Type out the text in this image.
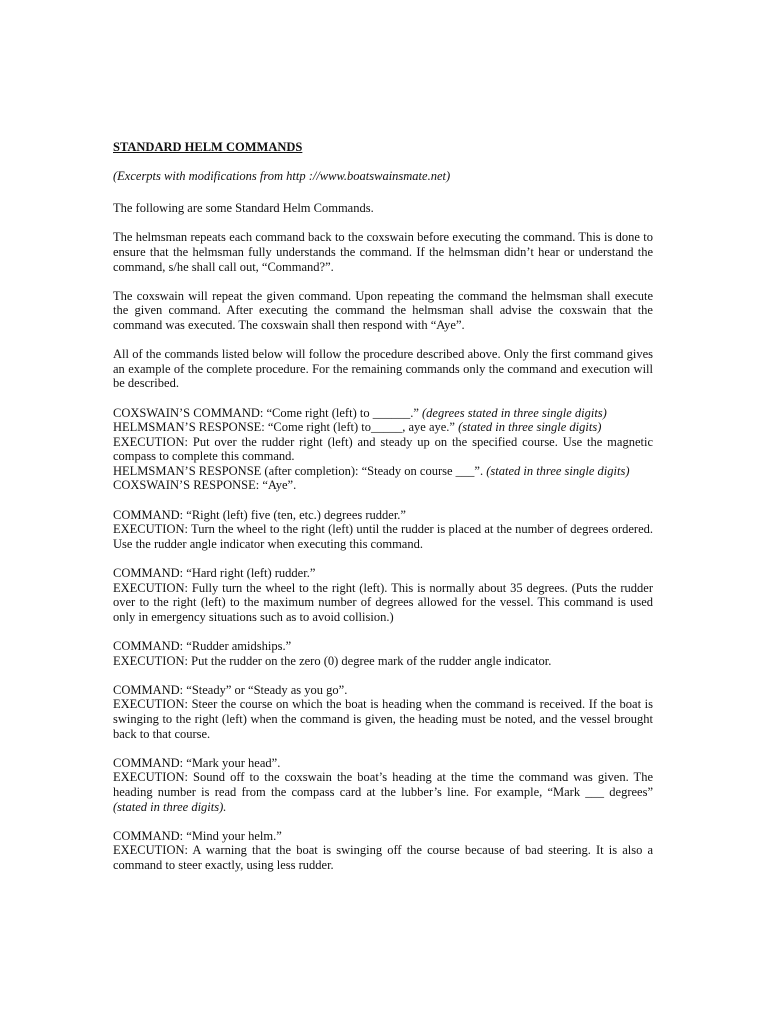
STANDARD HELM COMMANDS
(Excerpts with modifications from http ://www.boatswainsmate.net)

The following are some Standard Helm Commands.

The helmsman repeats each command back to the coxswain before executing the command. This is done to ensure that the helmsman fully understands the command. If the helmsman didn’t hear or understand the command, s/he shall call out, “Command?”.

The coxswain will repeat the given command. Upon repeating the command the helmsman shall execute the given command. After executing the command the helmsman shall advise the coxswain that the command was executed. The coxswain shall then respond with “Aye”.

All of the commands listed below will follow the procedure described above. Only the first command gives an example of the complete procedure. For the remaining commands only the command and execution will be described.

COXSWAIN’S COMMAND: “Come right (left) to ______.” (degrees stated in three single digits)
HELMSMAN’S RESPONSE: “Come right (left) to_____, aye aye.” (stated in three single digits)
EXECUTION: Put over the rudder right (left) and steady up on the specified course. Use the magnetic compass to complete this command.
HELMSMAN’S RESPONSE (after completion): “Steady on course ___”. (stated in three single digits)
COXSWAIN’S RESPONSE: “Aye”.
COMMAND: “Right (left) five (ten, etc.) degrees rudder.”
EXECUTION: Turn the wheel to the right (left) until the rudder is placed at the number of degrees ordered. Use the rudder angle indicator when executing this command.
COMMAND: “Hard right (left) rudder.”
EXECUTION: Fully turn the wheel to the right (left). This is normally about 35 degrees. (Puts the rudder over to the right (left) to the maximum number of degrees allowed for the vessel. This command is used only in emergency situations such as to avoid collision.)
COMMAND: “Rudder amidships.”
EXECUTION: Put the rudder on the zero (0) degree mark of the rudder angle indicator.
COMMAND: “Steady” or “Steady as you go”.
EXECUTION: Steer the course on which the boat is heading when the command is received. If the boat is swinging to the right (left) when the command is given, the heading must be noted, and the vessel brought back to that course.
COMMAND: “Mark your head”.
EXECUTION: Sound off to the coxswain the boat’s heading at the time the command was given. The heading number is read from the compass card at the lubber’s line. For example, “Mark ___ degrees” (stated in three digits).
COMMAND: “Mind your helm.”
EXECUTION: A warning that the boat is swinging off the course because of bad steering. It is also a command to steer exactly, using less rudder.
